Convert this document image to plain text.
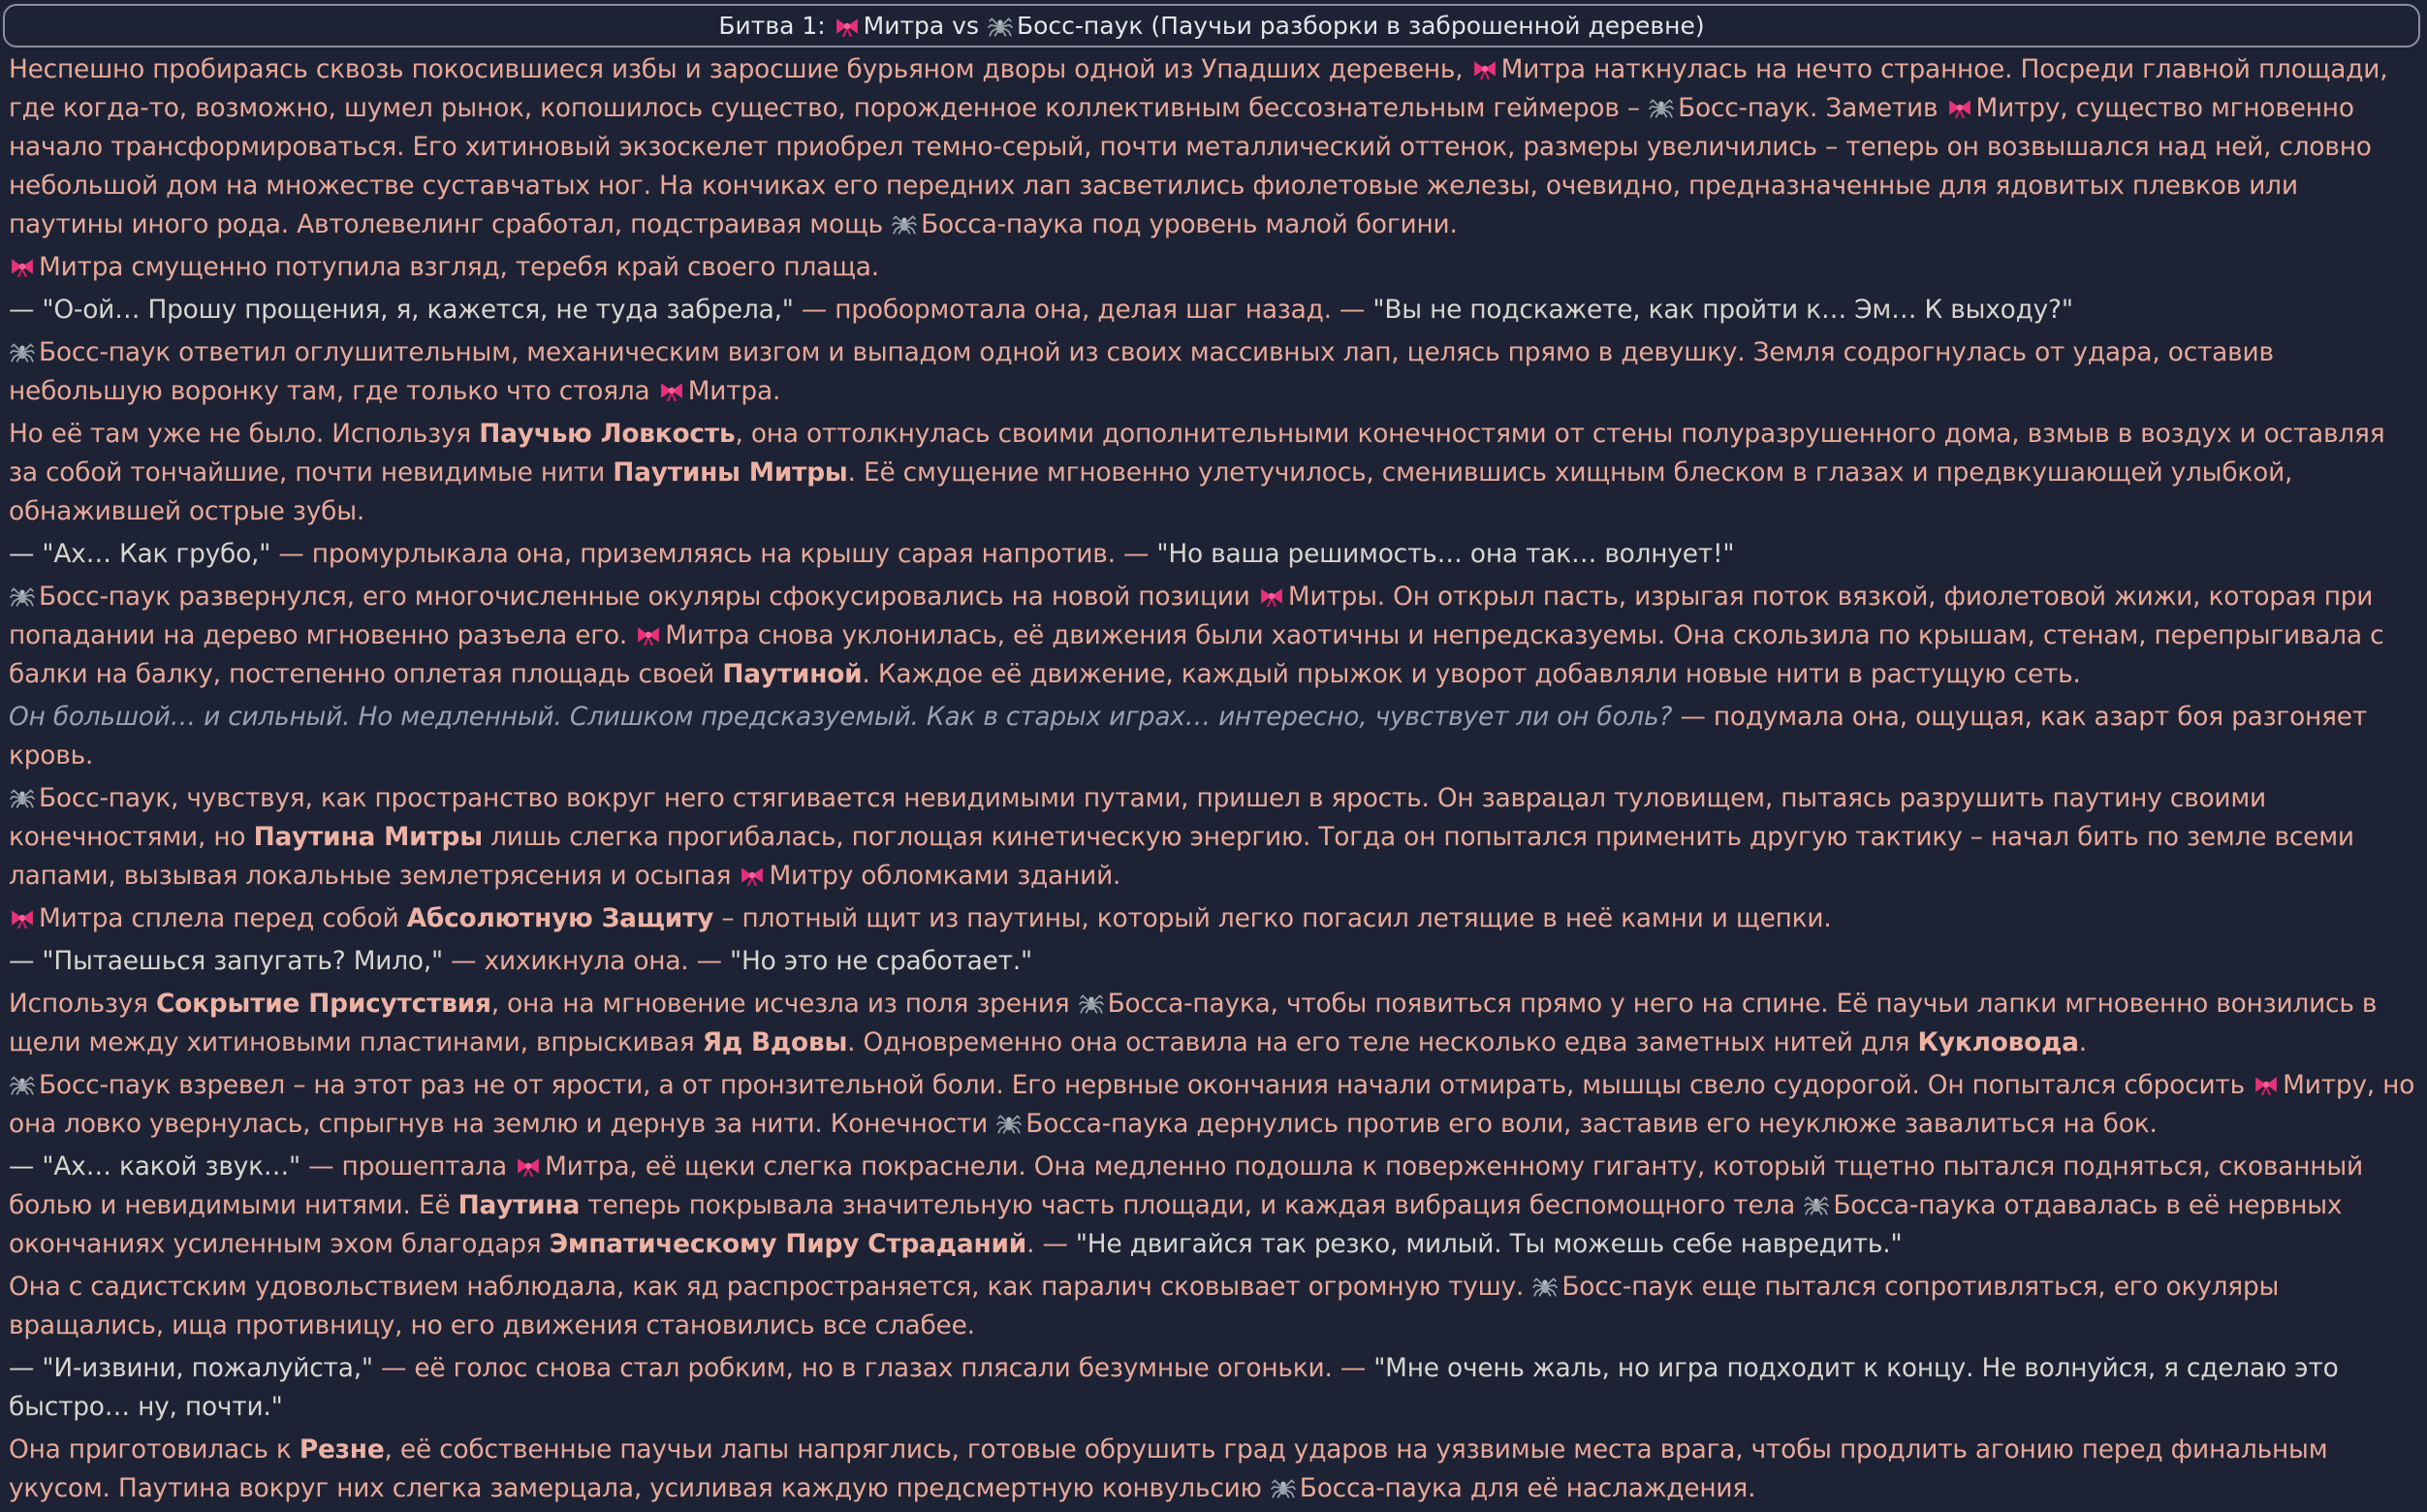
Битва 1:
Митра
vs
Босс-паук (Паучьи разборки в заброшенной деревне)

Неспешно пробираясь сквозь покосившиеся избы и заросшие бурьяном дворы одной из Упадших деревень,
Митра наткнулась на нечто странное. Посреди главной площади, где когда-то, возможно, шумел рынок, копошилось существо, порожденное коллективным бессознательным геймеров –
Босс-паук. Заметив
Митру, существо мгновенно начало трансформироваться. Его хитиновый экзоскелет приобрел темно-серый, почти металлический оттенок, размеры увеличились – теперь он возвышался над ней, словно небольшой дом на множестве суставчатых ног. На кончиках его передних лап засветились фиолетовые железы, очевидно, предназначенные для ядовитых плевков или паутины иного рода. Автолевелинг сработал, подстраивая мощь
Босса-паука под уровень малой богини.

Митра смущенно потупила взгляд, теребя край своего плаща.

— "О-ой… Прошу прощения, я, кажется, не туда забрела," — пробормотала она, делая шаг назад. — "Вы не подскажете, как пройти к… Эм… К выходу?"

Босс-паук ответил оглушительным, механическим визгом и выпадом одной из своих массивных лап, целясь прямо в девушку. Земля содрогнулась от удара, оставив небольшую воронку там, где только что стояла
Митра.

Но её там уже не было. Используя Паучью Ловкость, она оттолкнулась своими дополнительными конечностями от стены полуразрушенного дома, взмыв в воздух и оставляя за собой тончайшие, почти невидимые нити Паутины Митры. Её смущение мгновенно улетучилось, сменившись хищным блеском в глазах и предвкушающей улыбкой, обнажившей острые зубы.

— "Ах… Как грубо," — промурлыкала она, приземляясь на крышу сарая напротив. — "Но ваша решимость… она так… волнует!"

Босс-паук развернулся, его многочисленные окуляры сфокусировались на новой позиции
Митры. Он открыл пасть, изрыгая поток вязкой, фиолетовой жижи, которая при попадании на дерево мгновенно разъела его.
Митра снова уклонилась, её движения были хаотичны и непредсказуемы. Она скользила по крышам, стенам, перепрыгивала с балки на балку, постепенно оплетая площадь своей Паутиной. Каждое её движение, каждый прыжок и уворот добавляли новые нити в растущую сеть.

Он большой… и сильный. Но медленный. Слишком предсказуемый. Как в старых играх… интересно, чувствует ли он боль? — подумала она, ощущая, как азарт боя разгоняет кровь.

Босс-паук, чувствуя, как пространство вокруг него стягивается невидимыми путами, пришел в ярость. Он заврацал туловищем, пытаясь разрушить паутину своими конечностями, но Паутина Митры лишь слегка прогибалась, поглощая кинетическую энергию. Тогда он попытался применить другую тактику – начал бить по земле всеми лапами, вызывая локальные землетрясения и осыпая
Митру обломками зданий.

Митра сплела перед собой Абсолютную Защиту – плотный щит из паутины, который легко погасил летящие в неё камни и щепки.

— "Пытаешься запугать? Мило," — хихикнула она. — "Но это не сработает."

Используя Сокрытие Присутствия, она на мгновение исчезла из поля зрения
Босса-паука, чтобы появиться прямо у него на спине. Её паучьи лапки мгновенно вонзились в щели между хитиновыми пластинами, впрыскивая Яд Вдовы. Одновременно она оставила на его теле несколько едва заметных нитей для Кукловода.

Босс-паук взревел – на этот раз не от ярости, а от пронзительной боли. Его нервные окончания начали отмирать, мышцы свело судорогой. Он попытался сбросить
Митру, но она ловко увернулась, спрыгнув на землю и дернув за нити. Конечности
Босса-паука дернулись против его воли, заставив его неуклюже завалиться на бок.

— "Ах… какой звук…" — прошептала
Митра, её щеки слегка покраснели. Она медленно подошла к поверженному гиганту, который тщетно пытался подняться, скованный болью и невидимыми нитями. Её Паутина теперь покрывала значительную часть площади, и каждая вибрация беспомощного тела
Босса-паука отдавалась в её нервных окончаниях усиленным эхом благодаря Эмпатическому Пиру Страданий. — "Не двигайся так резко, милый. Ты можешь себе навредить."

Она с садистским удовольствием наблюдала, как яд распространяется, как паралич сковывает огромную тушу.
Босс-паук еще пытался сопротивляться, его окуляры вращались, ища противницу, но его движения становились все слабее.

— "И-извини, пожалуйста," — её голос снова стал робким, но в глазах плясали безумные огоньки. — "Мне очень жаль, но игра подходит к концу. Не волнуйся, я сделаю это быстро… ну, почти."

Она приготовилась к Резне, её собственные паучьи лапы напряглись, готовые обрушить град ударов на уязвимые места врага, чтобы продлить агонию перед финальным укусом. Паутина вокруг них слегка замерцала, усиливая каждую предсмертную конвульсию
Босса-паука для её наслаждения.
